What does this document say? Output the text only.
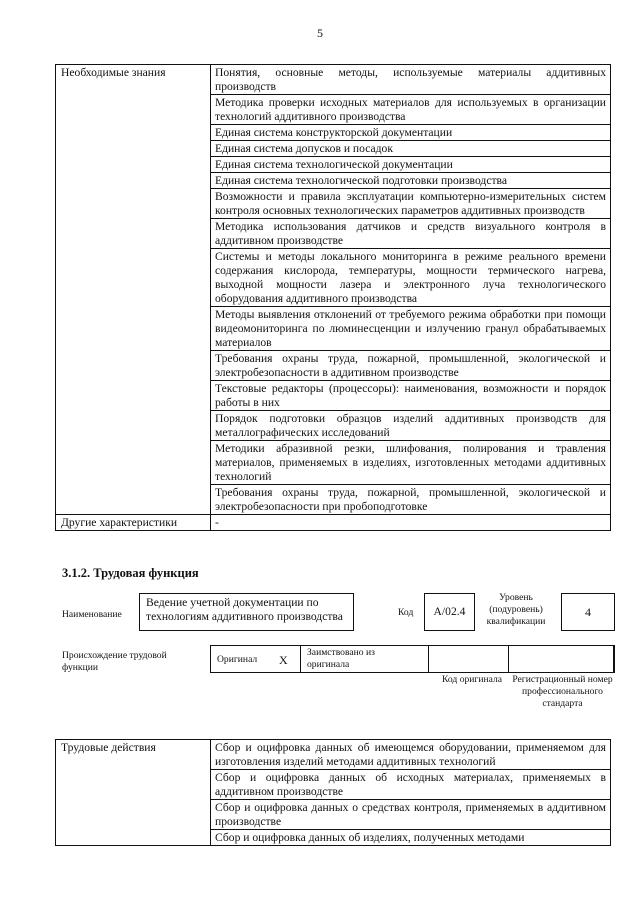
5
Необходимые знания	Понятия, основные методы, используемые материалы аддитивных производств
	Методика проверки исходных материалов для используемых в организации технологий аддитивного производства
	Единая система конструкторской документации
	Единая система допусков и посадок
	Единая система технологической документации
	Единая система технологической подготовки производства
	Возможности и правила эксплуатации компьютерно-измерительных систем контроля основных технологических параметров аддитивных производств
	Методика использования датчиков и средств визуального контроля в аддитивном производстве
	Системы и методы локального мониторинга в режиме реального времени содержания кислорода, температуры, мощности термического нагрева, выходной мощности лазера и электронного луча технологического оборудования аддитивного производства
	Методы выявления отклонений от требуемого режима обработки при помощи видеомониторинга по люминесценции и излучению гранул обрабатываемых материалов
	Требования охраны труда, пожарной, промышленной, экологической и электробезопасности в аддитивном производстве
	Текстовые редакторы (процессоры): наименования, возможности и порядок работы в них
	Порядок подготовки образцов изделий аддитивных производств для металлографических исследований
	Методики абразивной резки, шлифования, полирования и травления материалов, применяемых в изделиях, изготовленных методами аддитивных технологий
	Требования охраны труда, пожарной, промышленной, экологической и электробезопасности при пробоподготовке
Другие характеристики	-
3.1.2. Трудовая функция
Наименование
Ведение учетной документации по технологиям аддитивного производства	Код	A/02.4
Уровень (подуровень) квалификации
4
Происхождение трудовой функции
Оригинал X
Заимствовано из оригинала
Код оригинала	Регистрационный номер профессионального стандарта
Трудовые действия	Сбор и оцифровка данных об имеющемся оборудовании, применяемом для изготовления изделий методами аддитивных технологий
Сбор и оцифровка данных об исходных материалах, применяемых в аддитивном производстве
Сбор и оцифровка данных о средствах контроля, применяемых в аддитивном производстве
Сбор и оцифровка данных об изделиях, полученных методами
